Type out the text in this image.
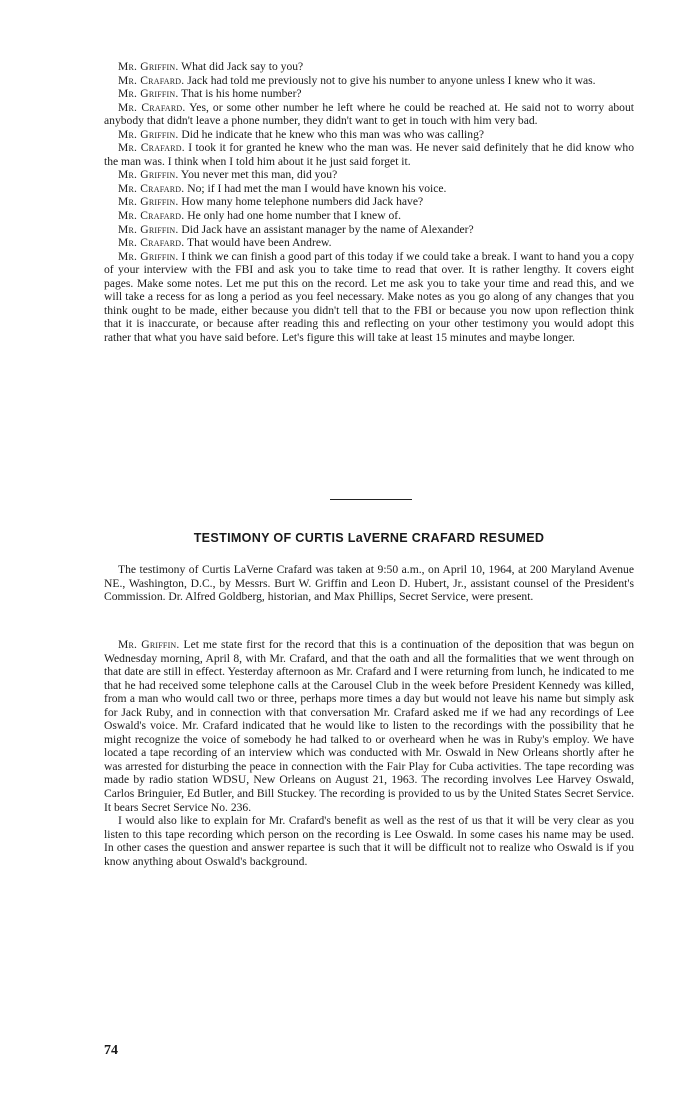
Mr. Griffin. What did Jack say to you?

Mr. Crafard. Jack had told me previously not to give his number to anyone unless I knew who it was.

Mr. Griffin. That is his home number?

Mr. Crafard. Yes, or some other number he left where he could be reached at. He said not to worry about anybody that didn't leave a phone number, they didn't want to get in touch with him very bad.

Mr. Griffin. Did he indicate that he knew who this man was who was calling?

Mr. Crafard. I took it for granted he knew who the man was. He never said definitely that he did know who the man was. I think when I told him about it he just said forget it.

Mr. Griffin. You never met this man, did you?

Mr. Crafard. No; if I had met the man I would have known his voice.

Mr. Griffin. How many home telephone numbers did Jack have?

Mr. Crafard. He only had one home number that I knew of.

Mr. Griffin. Did Jack have an assistant manager by the name of Alexander?

Mr. Crafard. That would have been Andrew.

Mr. Griffin. I think we can finish a good part of this today if we could take a break. I want to hand you a copy of your interview with the FBI and ask you to take time to read that over. It is rather lengthy. It covers eight pages. Make some notes. Let me put this on the record. Let me ask you to take your time and read this, and we will take a recess for as long a period as you feel necessary. Make notes as you go along of any changes that you think ought to be made, either because you didn't tell that to the FBI or because you now upon reflection think that it is inaccurate, or because after reading this and reflecting on your other testimony you would adopt this rather that what you have said before. Let's figure this will take at least 15 minutes and maybe longer.

TESTIMONY OF CURTIS LaVERNE CRAFARD RESUMED

The testimony of Curtis LaVerne Crafard was taken at 9:50 a.m., on April 10, 1964, at 200 Maryland Avenue NE., Washington, D.C., by Messrs. Burt W. Griffin and Leon D. Hubert, Jr., assistant counsel of the President's Commission. Dr. Alfred Goldberg, historian, and Max Phillips, Secret Service, were present.

Mr. Griffin. Let me state first for the record that this is a continuation of the deposition that was begun on Wednesday morning, April 8, with Mr. Crafard, and that the oath and all the formalities that we went through on that date are still in effect. Yesterday afternoon as Mr. Crafard and I were returning from lunch, he indicated to me that he had received some telephone calls at the Carousel Club in the week before President Kennedy was killed, from a man who would call two or three, perhaps more times a day but would not leave his name but simply ask for Jack Ruby, and in connection with that conversation Mr. Crafard asked me if we had any recordings of Lee Oswald's voice. Mr. Crafard indicated that he would like to listen to the recordings with the possibility that he might recognize the voice of somebody he had talked to or overheard when he was in Ruby's employ. We have located a tape recording of an interview which was conducted with Mr. Oswald in New Orleans shortly after he was arrested for disturbing the peace in connection with the Fair Play for Cuba activities. The tape recording was made by radio station WDSU, New Orleans on August 21, 1963. The recording involves Lee Harvey Oswald, Carlos Bringuier, Ed Butler, and Bill Stuckey. The recording is provided to us by the United States Secret Service. It bears Secret Service No. 236.

I would also like to explain for Mr. Crafard's benefit as well as the rest of us that it will be very clear as you listen to this tape recording which person on the recording is Lee Oswald. In some cases his name may be used. In other cases the question and answer repartee is such that it will be difficult not to realize who Oswald is if you know anything about Oswald's background.

74
